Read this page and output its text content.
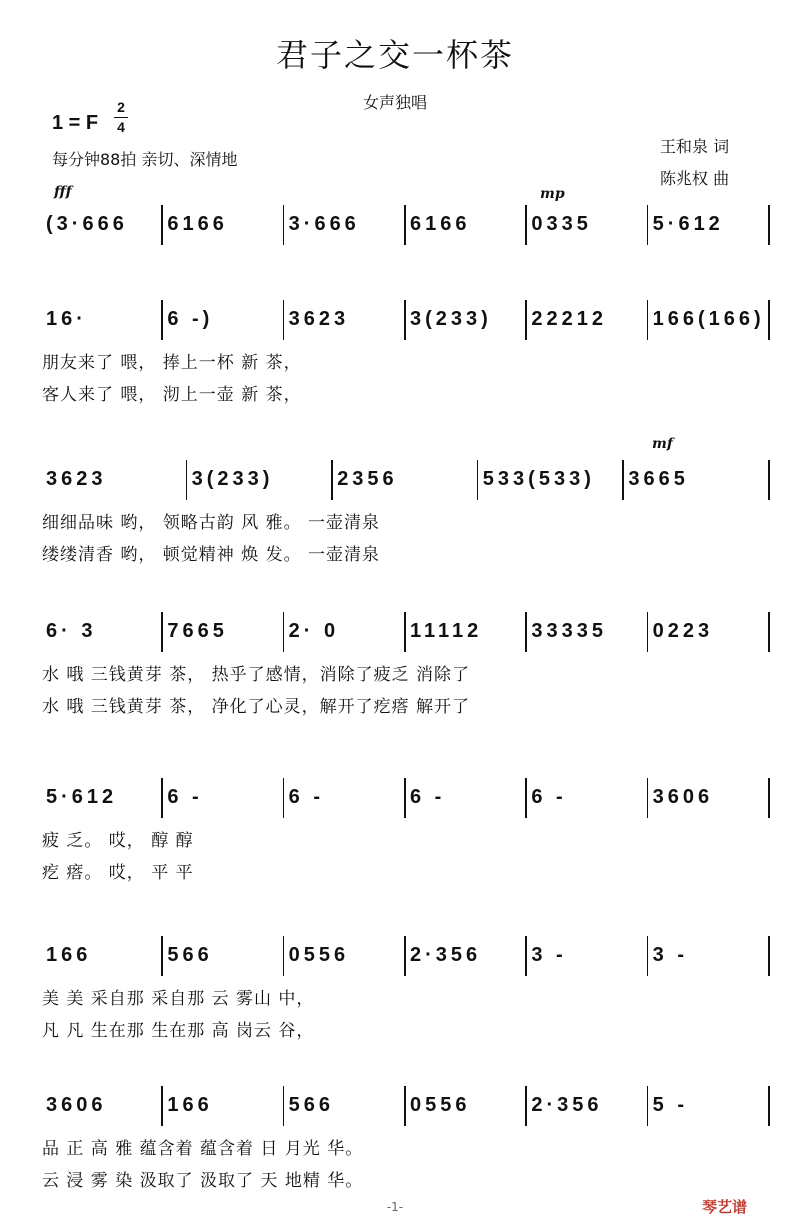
君子之交一杯茶
女声独唱
1 = F
2
4
每分钟88拍 亲切、深情地
王和泉 词
陈兆权 曲
fff	mp
mf
(3·666	6166	3·666	6166	0335	5·612
16·	6 -)	3623	3(233)	22212	166(166)
朋友来了 喂， 捧上一杯 新 茶，
客人来了 喂， 沏上一壶 新 茶，
3623	3(233)	2356	533(533)	3665
细细品味 哟， 领略古韵 风 雅。 一壶清泉
缕缕清香 哟， 顿觉精神 焕 发。 一壶清泉
6· 3	7665	2· 0	11112	33335	0223
水 哦 三钱黄芽 茶， 热乎了感情，消除了疲乏 消除了
水 哦 三钱黄芽 茶， 净化了心灵，解开了疙瘩 解开了
5·612	6 -	6 -	6 -	6 -	3606
疲 乏。 哎， 醇 醇
疙 瘩。 哎， 平 平
166	566	0556	2·356	3 -	3 -
美 美 采自那 采自那 云 雾山 中，
凡 凡 生在那 生在那 高 岗云 谷，
3606	166	566	0556	2·356	5 -
品 正 高 雅 蕴含着 蕴含着 日 月光 华。
云 浸 雾 染 汲取了 汲取了 天 地精 华。
-1-	琴艺谱
